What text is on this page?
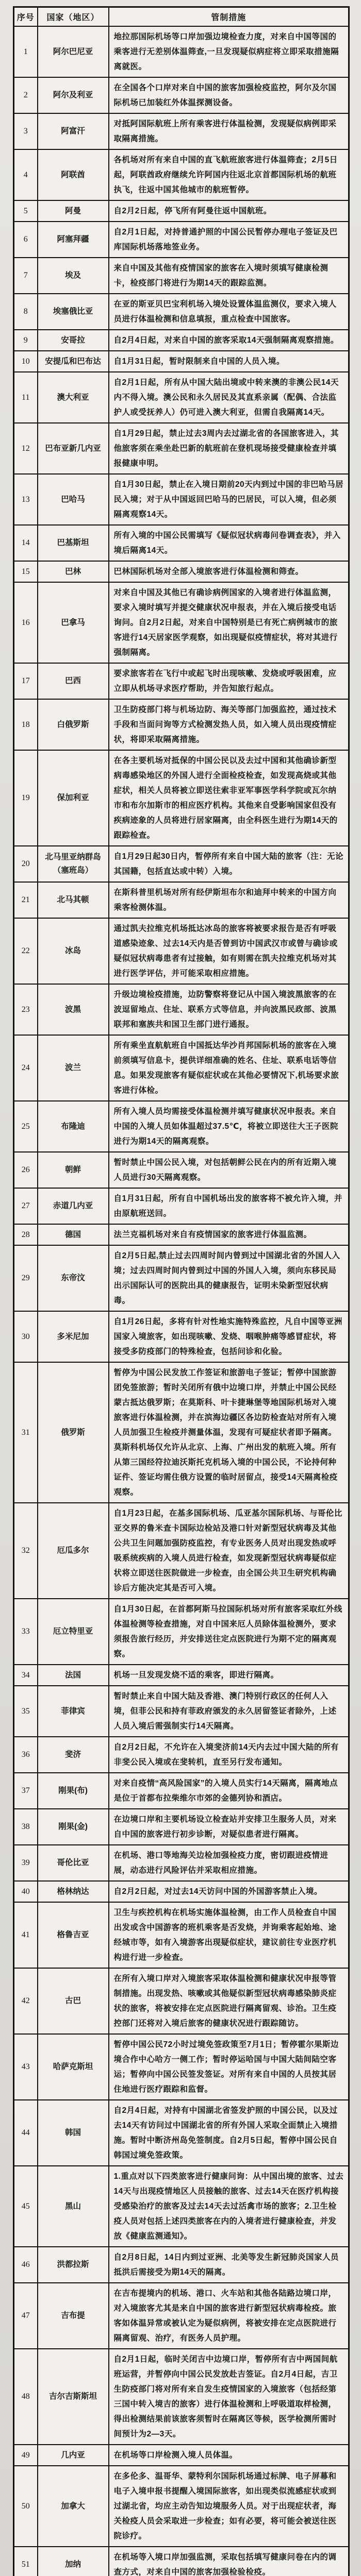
序号	国家（地区）	管制措施
1	阿尔巴尼亚	地拉那国际机场等口岸加强边境检查力度，对来自中国等国的乘客进行无差别体温筛查,一旦发现疑似病症将立即采取措施隔离就医。
2	阿尔及利亚	在全国各个口岸对来自中国的旅客加强检疫监控，阿尔及尔国际机场已加装红外体温探测设备。
3	阿富汗	对抵阿国际航班上所有乘客进行体温检测，发现疑似病例即采取隔离措施。
4	阿联酋	各机场对所有来自中国的直飞航班旅客进行体温筛查；2月5日起，阿联酋政府继续允许阿国内往返北京首都国际机场的航班执飞，往返中国其他城市的航班暂停。
5	阿曼	自2月2日起，停飞所有阿曼往返中国航班。
6	阿塞拜疆	自2月1日起，对持普通护照的中国公民暂停办理电子签证及巴库国际机场落地签业务。
7	埃及	来自中国及其他有疫情国家的旅客在入境时须填写健康检测卡，检疫部门将进行为期14天的跟踪监测。
8	埃塞俄比亚	在亚的斯亚贝巴宝利机场入境处设置体温监测仪，要求入境人员进行体温检测和信息填报，重点检查中国旅客。
9	安哥拉	自2月4日起，对来自中国的旅客采取14天强制隔离观察措施。
10	安提瓜和巴布达	自1月31日起，暂时限制来自中国的人员入境。
11	澳大利亚	自2月1日起，所有从中国大陆出境或中转来澳的非澳公民14天内不得入境。澳公民和永久居民及其直系亲属（配偶、合法监护人或受抚养人）仍可进入澳大利亚，但需自我隔离14天。
12	巴布亚新几内亚	自1月29日起，禁止过去3周内去过湖北省的各国旅客进入，其他旅客须在乘坐赴巴新的航班前在登机现场接受健康检查并填报健康申明。
13	巴哈马	自1月30日起，禁止在入境日期前20天内到过中国的非巴哈马居民入境；对于从中国返回巴哈马的巴居民，可以入境，但必须隔离观察14天。
14	巴基斯坦	所有入境的中国公民需填写《疑似冠状病毒问卷调查表》，并入境后隔离14天。
15	巴林	巴林国际机场对全部入境旅客进行体温检测和筛查。
16	巴拿马	对来自中国及其他已有确诊病例国家的入境者进行体温监测，要求入境时填写并提交健康状况申报表，并在入境后接受电话询问。自2月2日起，对来自中国特别是已有死亡病例城市的旅客进行14天居家医学观察，如出现疑似疫情症状，将对其进行强制隔离。
17	巴西	要求旅客若在飞行中或起飞时出现咳嗽、发烧或呼吸困难，应立即从机场寻求医疗帮助，并告知旅行起点。
18	白俄罗斯	卫生防疫部门将与机场边防、海关等部门加强监控，通过技术手段和当面问询等方式检测发热人员，如入境人员出现疫情症状，将即采取隔离措施。
19	保加利亚	在各主要机场对抵保的中国公民以及去过中国和其他确诊新型病毒感染地区的外国人进行全面检疫检查，如发现高烧或其他症状，相关人员将被立即送往索非亚军事医学科学院或瓦尔纳市和布尔加斯市的相应医疗机构。其他来自受影响国家但没有疾病迹象的人员将进行居家隔离，由全科医生进行为期14天的跟踪检查。
20	北马里亚纳群岛（塞班岛）	自1月29日起30日内，暂停所有来自中国大陆的旅客（注：无论其国籍，包括直达或中转）入境。
21	北马其顿	在斯科普里机场对所有经伊斯坦布尔和迪拜中转来的中国方向乘客检测体温。
22	冰岛	通过凯夫拉维克机场抵达冰岛的旅客将被要求报告是否有呼吸道感染迹象、过去14天内是否曾到访中国武汉市或曾与确诊或疑似冠状病毒患者有过接触，如有则需在凯夫拉维克机场对其进行医学评估，并可能采取相应措施。
23	波黑	升级边境检疫措施，边防警察将登记从中国入境波黑旅客的在波逗留地点、住址、联系方式等信息，并向波黑民政部、波黑联邦和塞族共和国卫生部门进行通报。
24	波兰	所有乘坐直航航班自中国抵达华沙肖邦国际机场的旅客在入境前须填写信息卡，提供详细准确的姓名、住址、联系电话等信息。如果发现旅客有疑似症状或在其他必要情况下,机场要求旅客进行体检。
25	布隆迪	所有入境人员均需接受体温检测并填写健康状况申报表。来自中国的入境人员如体温超过37.5℃，将被立即送往大王子医院进行为期14天的隔离观察。
26	朝鲜	暂时禁止中国公民入境，对包括朝鲜公民在内的所有近期入境人员进行30天隔离观察。
27	赤道几内亚	自1月31日起，所有自中国机场出发的旅客将不被允许入境，并由原航班送回。
28	德国	法兰克福机场对来自有疫情国家的旅客进行体温监测。
29	东帝汶	自2月5日起,禁止过去四周时间内曾到过中国湖北省的外国人入境；过去四周时间内曾到过中国的外国人入境，须向东移民局出示国际认可的医院出具的健康报告，证明未染新型冠状病毒。
30	多米尼加	自1月26日起，多将有针对性地实施特殊监控，凡自中国等亚洲国家入境旅客，如出现咳嗽、发烧、咽喉肿痛等感冒症状，将接受多防疫部门的特殊检查，包括问诊和化验。
31	俄罗斯	暂停为中国公民发放工作签证和旅游电子签证；暂停中国旅游团免签旅游；暂时关闭所有俄中边境口岸，并禁止中国公民经蒙古抵达俄罗斯；在莫斯科、叶卡捷琳堡等地国际机场对入境旅客进行体温检测，并在滨海边疆区各边防检查站对所有入境人员加强卫生检疫并测量体温，发现有可疑症状者即予隔离。莫斯科机场仅允许从北京、上海、广州出发的航班入境。所有从第三国经符拉迪沃斯托克机场入境的中国公民，不论持何种证件、签证均需住俄方设置的临时居留点，接受14天隔离检疫观察。
32	厄瓜多尔	自1月23日起，在基多国际机场、瓜亚基尔国际机场、与哥伦比亚交界的鲁米查卡国际边检站及港口针对新型冠状病毒及其他公共卫生问题加强防疫监控，有专业医务人员对出现发热或呼吸系统疾病的入境人员进行检查，如发现新型冠状病毒疑似症状将立即送往医院做进一步检查，由全国公共卫生研究机构确诊后方能决定其是否可入境。
33	厄立特里亚	自1月30日起，在首都阿斯马拉国际机场对所有旅客采取红外线体温检测等检查措施，对自中国来厄人员除体温检测外，要求须报告旅行经历，并安排送往定点医院进行为期不定的隔离观察。
34	法国	机场一旦发现发烧不适的乘客，即进行隔离。
35	菲律宾	暂时禁止来自中国大陆及香港、澳门特别行政区的任何人入境，但菲公民和持有菲政府颁发的永久居留签证者除外，上述人员入境后需强制实行14天隔离。
36	斐济	自2月2日起，不允许在入境斐济前14天内去过中国大陆的所有非斐公民入境或在斐转机，直至另行发布通知。
37	刚果(布)	对来自疫情“高风险国家”的入境人员实行14天隔离，隔离地点是位于首都布拉柴维尔市郊的金德列协和酒店。
38	刚果(金)	在边境口岸和主要机场设立检查站并安排卫生服务人员，对来自中国的旅客进行初步诊断，对疑似患者进行隔离。
39	哥伦比亚	在机场、港口等地海关边检加强检疫力度，密切跟进疫情进展，动态进行风险评估并采取相应措施。
40	格林纳达	自2月2日起，对过去14天访问中国的外国游客禁止入境。
41	格鲁吉亚	卫生与疾控机构在机场实施体温检测，由工作人员检查自中国出发或含中国游客的班机乘客是否发烧，并询乘客起始地、途经城市等，如有入境游客出现疑似症状，建议前往专业医疗机构进行进一步检查。
42	古巴	在所有入境口岸对入境旅客采取体温检测和健康状况申报等管制措施。出现发热、咳嗽或其他疑似新型冠状病毒感染肺炎症状的旅客，将被安排在定点医院进行隔离留观、诊治。卫生疫控部门还将对入境后旅客的健康状况进行跟踪随访。
43	哈萨克斯坦	暂停中国公民72小时过境免签政策至7月1日；暂停霍尔果斯边境合作中心哈方一侧工作；暂时停运哈国与中国大陆间陆空客运；暂停向中国公民签发签证。对所有来自中国的人员按其居住地进行医疗跟踪和监督。
44	韩国	自2月4日起，对持有中国湖北省签发护照的中国公民，以及过去14天有访问过中国湖北省的所有外国人采取全面禁止入境措施。暂时中断济州岛免签制度。自2月5日起，暂停中国公民自韩国过境免签政策。
45	黑山	1.重点对以下四类旅客进行健康问询：从中国出境的旅客、过去14天与出现疫情地区人员接触的旅客、过去14天在医疗机构接受感染治疗的旅客及过去14天去过活禽市场的旅客；2.卫生检疫人员对包括上述四类旅客在内的入境者进行健康检查，并发放《健康监测通知》。
46	洪都拉斯	自2月8日起，14日内到过亚洲、北美等发生新冠肺炎国家人员抵洪后需接受为期14天的隔离。
47	吉布提	在吉布提境内的机场、港口、火车站和其他各陆路边境口岸，对入境旅客尤其是来自中国的旅客进行新型冠状病毒检疫。旅客如体温异常或被认定为疑似病例，将被安排在定点医院进行隔离留观、治疗，有医务人员护理。
48	吉尔吉斯斯坦	自2月1日起，临时关闭吉中边境口岸，暂停所有吉中两国间航班运营，并暂停向中国公民发放赴吉签证。自2月4日起，吉卫生防疫部门将对所有来自发生疫情国家的入境旅客（包括经第三国中转入境吉的旅客）进行体温检测和上呼吸道取样检测，得出检测结果前该旅客须暂时在隔离区等候，医学检测所需时间预计为2—3天。
49	几内亚	在机场等口岸检测入境人员体温。
50	加拿大	在多伦多、温哥华、蒙特利尔国际机场通过标牌、电子屏幕和电子入境申报书提醒入境国际旅客，如出现类似流感症状或到过湖北省，均应主动告知边境服务人员。对于出现症状者，海关检疫人员会采取进一步检查；如有必要，将可能会被送往医院诊疗。
51	加纳	在机场等入境口岸加强监测，采取包括填写健康问卷在内的调查方式，对来自中国的旅客加强检验检疫。
